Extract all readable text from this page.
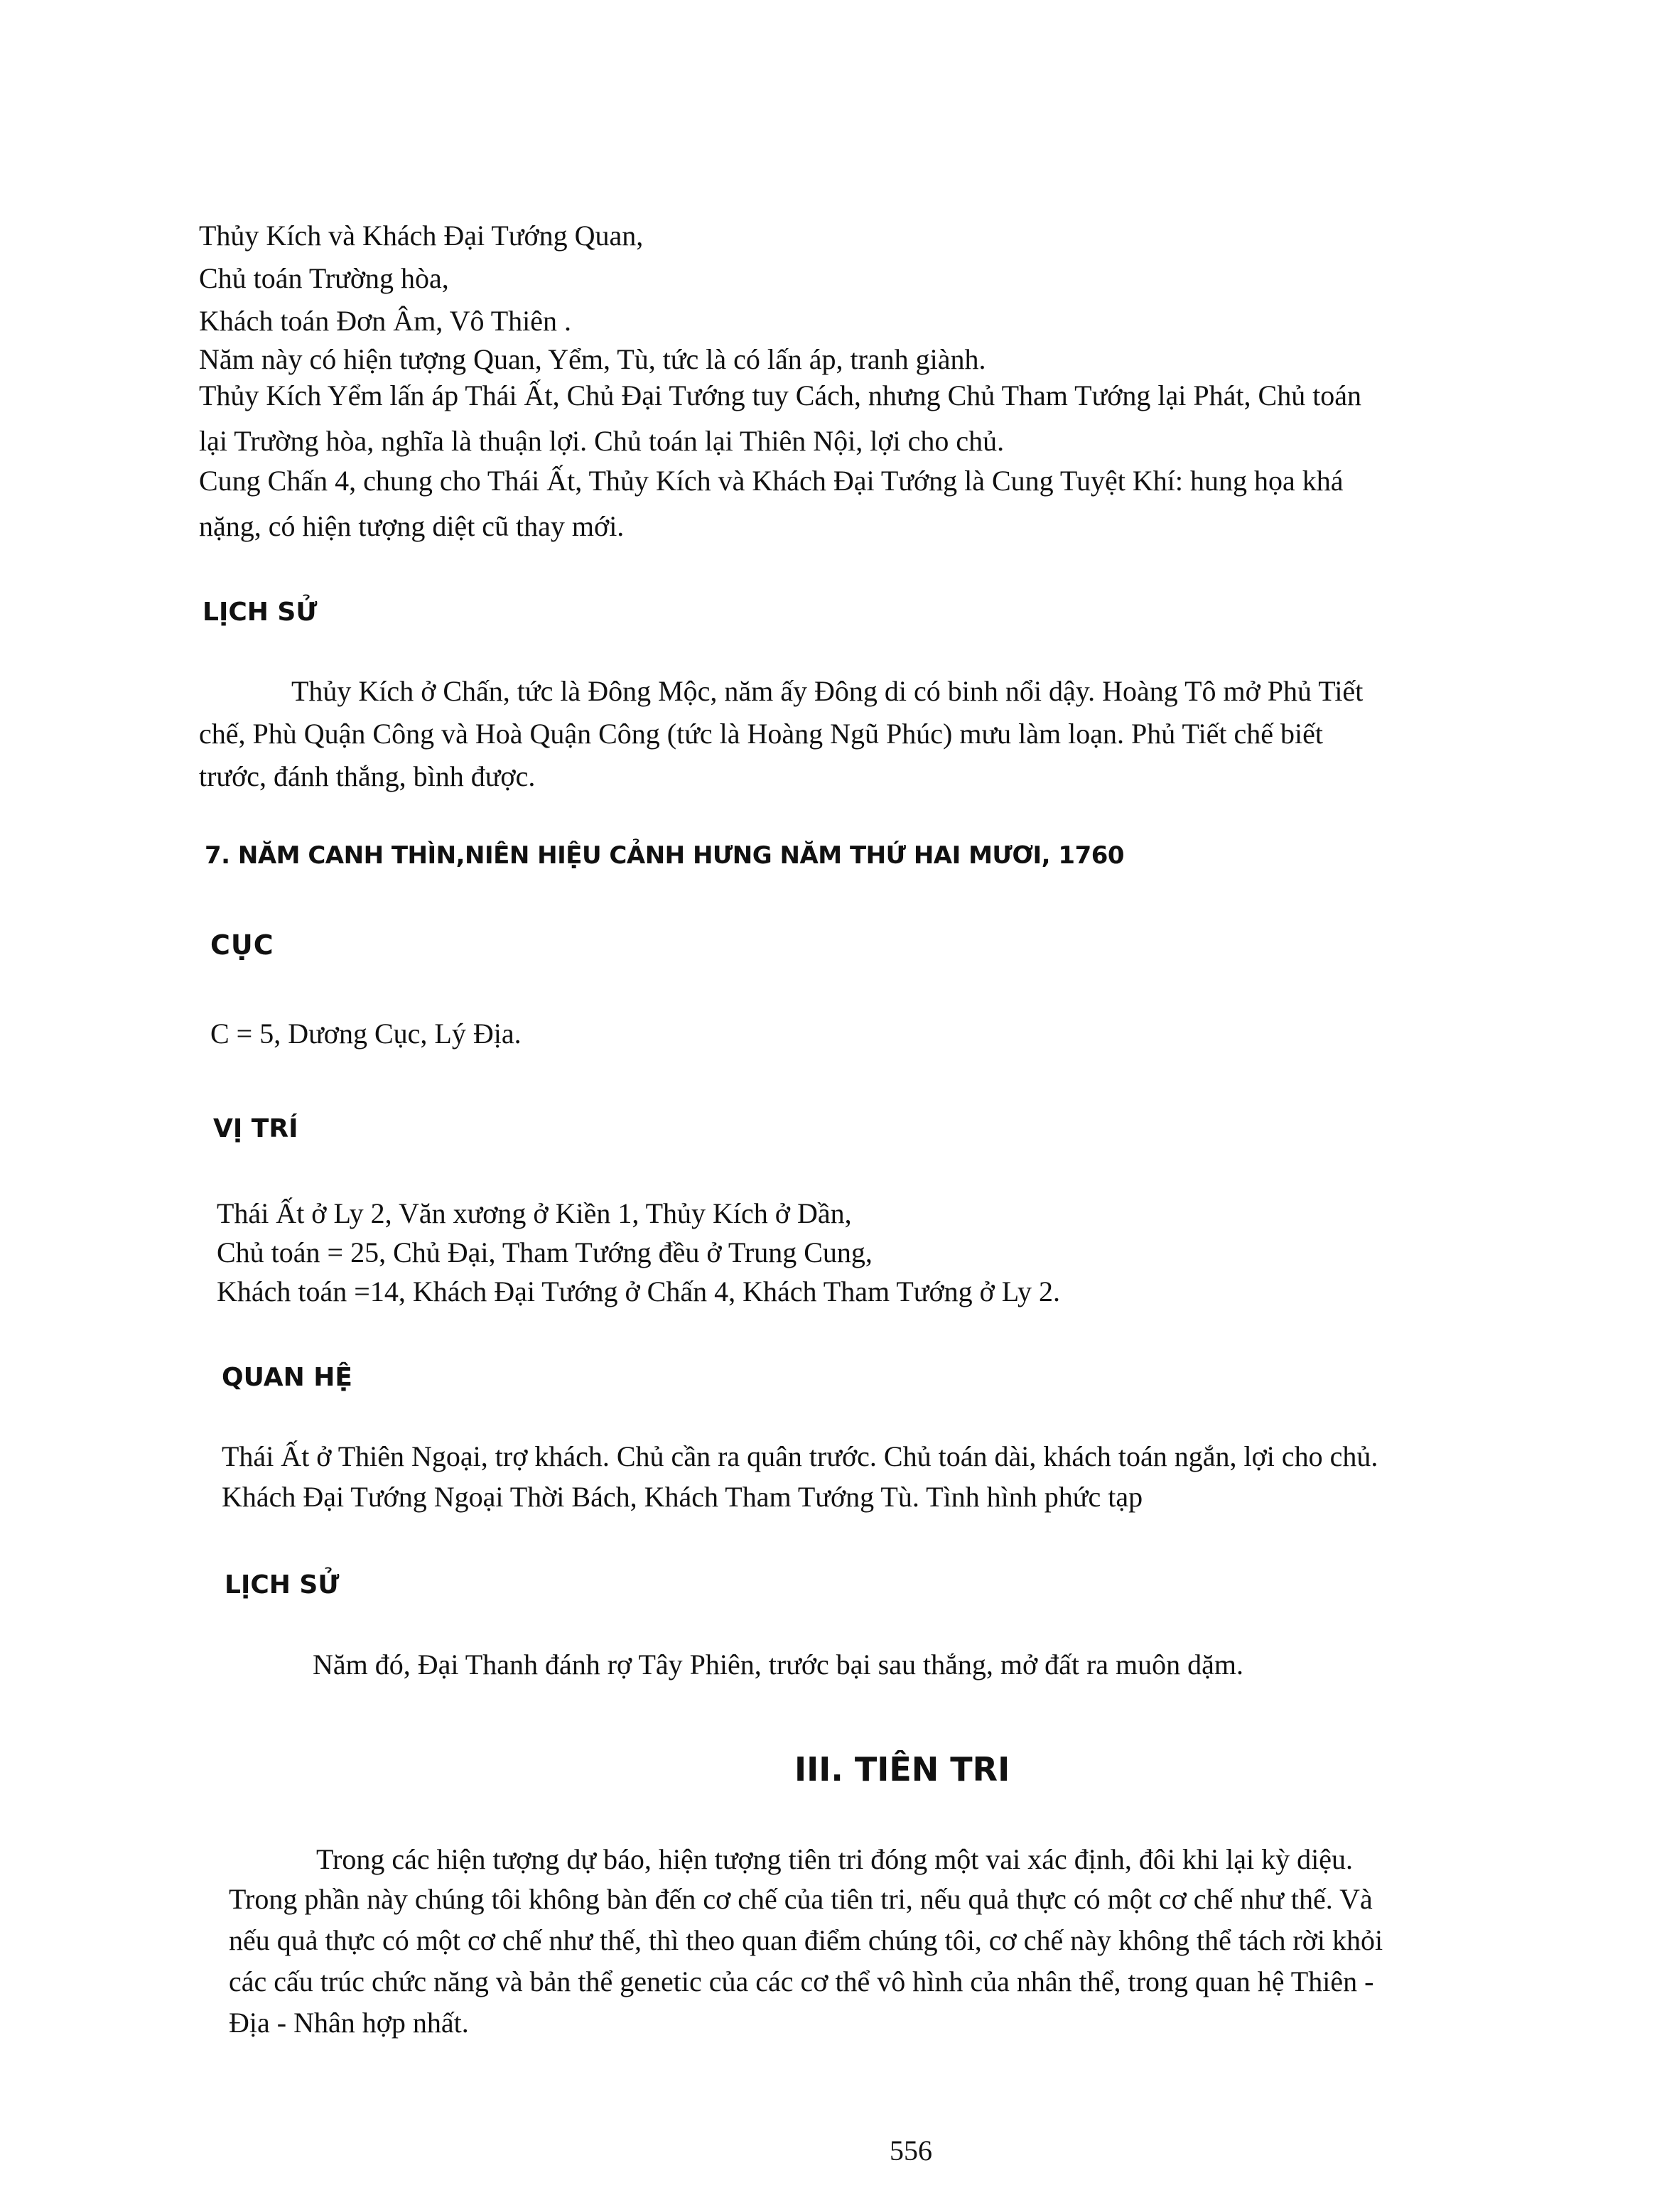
Thủy Kích và Khách Đại Tướng Quan,
Chủ toán Trường hòa,
Khách toán Đơn Âm, Vô Thiên .
Năm này có hiện tượng Quan, Yểm, Tù, tức là có lấn áp, tranh giành.
Thủy Kích Yểm lấn áp Thái Ất, Chủ Đại Tướng tuy Cách, nhưng Chủ Tham Tướng lại Phát, Chủ toán
lại Trường hòa, nghĩa là thuận lợi. Chủ toán lại Thiên Nội, lợi cho chủ.
Cung Chấn 4, chung cho Thái Ất, Thủy Kích và Khách Đại Tướng là Cung Tuyệt Khí: hung họa khá
nặng, có hiện tượng diệt cũ thay mới.
LỊCH SỬ
Thủy Kích ở Chấn, tức là Đông Mộc, năm ấy Đông di có binh nổi dậy. Hoàng Tô mở Phủ Tiết
chế, Phù Quận Công và Hoà Quận Công (tức là Hoàng Ngũ Phúc) mưu làm loạn. Phủ Tiết chế biết
trước, đánh thắng, bình được.
7. NĂM CANH THÌN,NIÊN HIỆU CẢNH HƯNG NĂM THỨ HAI MƯƠI, 1760
CỤC
C = 5, Dương Cục, Lý Địa.
VỊ TRÍ
Thái Ất ở Ly 2, Văn xương ở Kiền 1, Thủy Kích ở Dần,
Chủ toán = 25, Chủ Đại, Tham Tướng đều ở Trung Cung,
Khách toán =14, Khách Đại Tướng ở Chấn 4, Khách Tham Tướng ở Ly 2.
QUAN HỆ
Thái Ất ở Thiên Ngoại, trợ khách. Chủ cần ra quân trước. Chủ toán dài, khách toán ngắn, lợi cho chủ.
Khách Đại Tướng Ngoại Thời Bách, Khách Tham Tướng Tù. Tình hình phức tạp
LỊCH SỬ
Năm đó, Đại Thanh đánh rợ Tây Phiên, trước bại sau thắng, mở đất ra muôn dặm.
III. TIÊN TRI
Trong các hiện tượng dự báo, hiện tượng tiên tri đóng một vai xác định, đôi khi lại kỳ diệu.
Trong phần này chúng tôi không bàn đến cơ chế của tiên tri, nếu quả thực có một cơ chế như thế. Và
nếu quả thực có một cơ chế như thế, thì theo quan điểm chúng tôi, cơ chế này không thể tách rời khỏi
các cấu trúc chức năng và bản thể genetic của các cơ thể vô hình của nhân thể, trong quan hệ Thiên -
Địa - Nhân hợp nhất.
556
